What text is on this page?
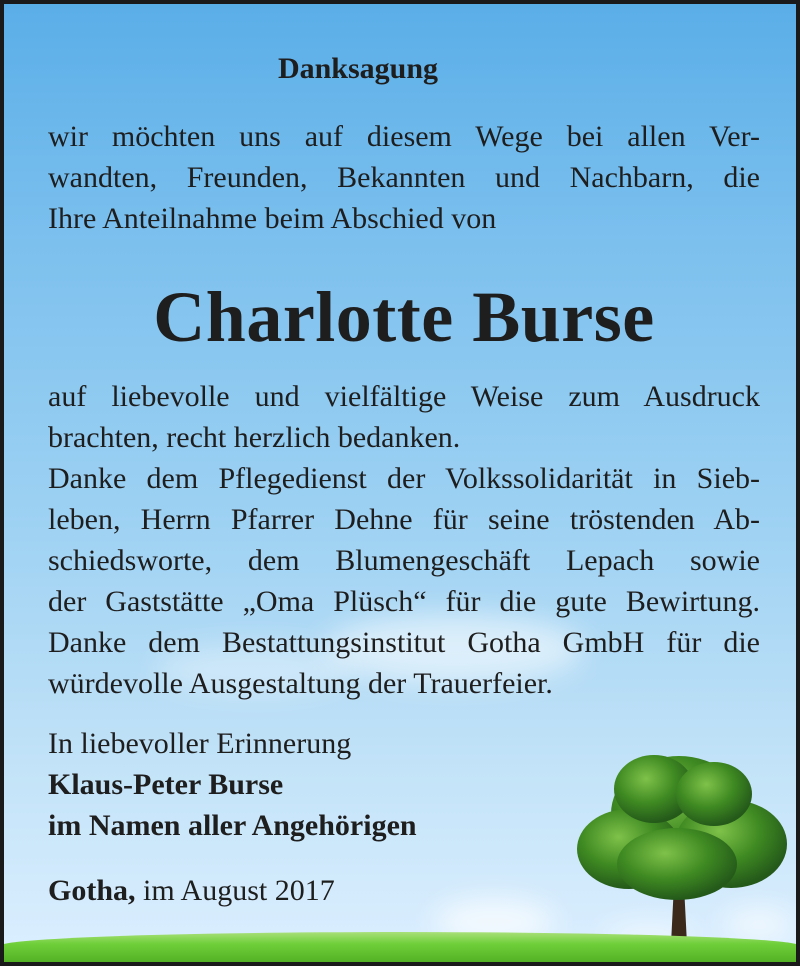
Danksagung
wir möchten uns auf diesem Wege bei allen Ver-
wandten, Freunden, Bekannten und Nachbarn, die
Ihre Anteilnahme beim Abschied von
Charlotte Burse
auf liebevolle und vielfältige Weise zum Ausdruck
brachten, recht herzlich bedanken.
Danke dem Pflegedienst der Volkssolidarität in Sieb-
leben, Herrn Pfarrer Dehne für seine tröstenden Ab-
schiedsworte, dem Blumengeschäft Lepach sowie
der Gaststätte „Oma Plüsch“ für die gute Bewirtung.
Danke dem Bestattungsinstitut Gotha GmbH für die
würdevolle Ausgestaltung der Trauerfeier.
In liebevoller Erinnerung
Klaus-Peter Burse
im Namen aller Angehörigen
Gotha, im August 2017
